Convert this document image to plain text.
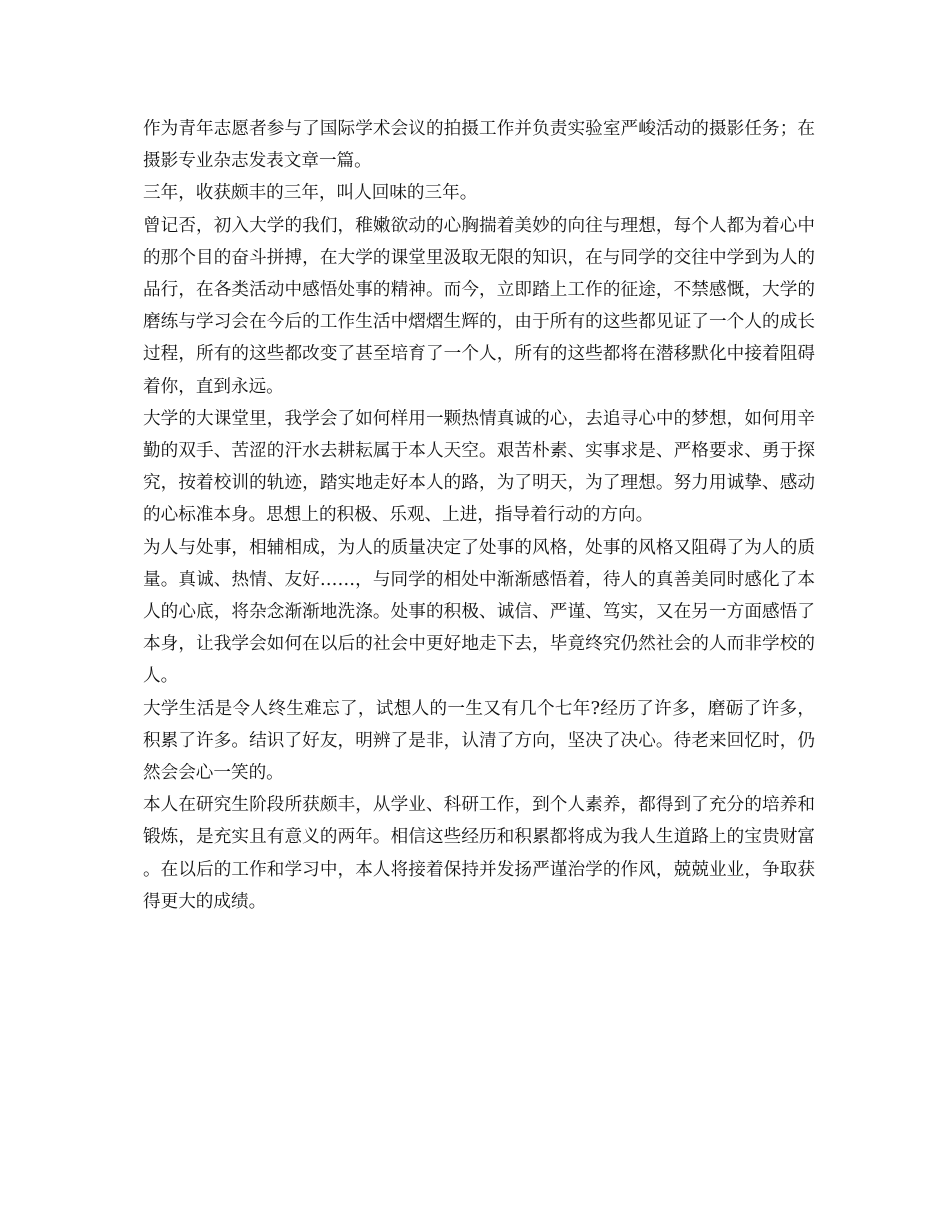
作为青年志愿者参与了国际学术会议的拍摄工作并负责实验室严峻活动的摄影任务；在摄影专业杂志发表文章一篇。

三年，收获颇丰的三年，叫人回味的三年。

曾记否，初入大学的我们，稚嫩欲动的心胸揣着美妙的向往与理想，每个人都为着心中的那个目的奋斗拼搏，在大学的课堂里汲取无限的知识，在与同学的交往中学到为人的品行，在各类活动中感悟处事的精神。而今，立即踏上工作的征途，不禁感慨，大学的磨练与学习会在今后的工作生活中熠熠生辉的，由于所有的这些都见证了一个人的成长过程，所有的这些都改变了甚至培育了一个人，所有的这些都将在潜移默化中接着阻碍着你，直到永远。

大学的大课堂里，我学会了如何样用一颗热情真诚的心，去追寻心中的梦想，如何用辛勤的双手、苦涩的汗水去耕耘属于本人天空。艰苦朴素、实事求是、严格要求、勇于探究，按着校训的轨迹，踏实地走好本人的路，为了明天，为了理想。努力用诚挚、感动的心标准本身。思想上的积极、乐观、上进，指导着行动的方向。

为人与处事，相辅相成，为人的质量决定了处事的风格，处事的风格又阻碍了为人的质量。真诚、热情、友好……，与同学的相处中渐渐感悟着，待人的真善美同时感化了本人的心底，将杂念渐渐地洗涤。处事的积极、诚信、严谨、笃实，又在另一方面感悟了本身，让我学会如何在以后的社会中更好地走下去，毕竟终究仍然社会的人而非学校的人。

大学生活是令人终生难忘了，试想人的一生又有几个七年?经历了许多，磨砺了许多，积累了许多。结识了好友，明辨了是非，认清了方向，坚决了决心。待老来回忆时，仍然会会心一笑的。

本人在研究生阶段所获颇丰，从学业、科研工作，到个人素养，都得到了充分的培养和锻炼，是充实且有意义的两年。相信这些经历和积累都将成为我人生道路上的宝贵财富。在以后的工作和学习中，本人将接着保持并发扬严谨治学的作风，兢兢业业，争取获得更大的成绩。
